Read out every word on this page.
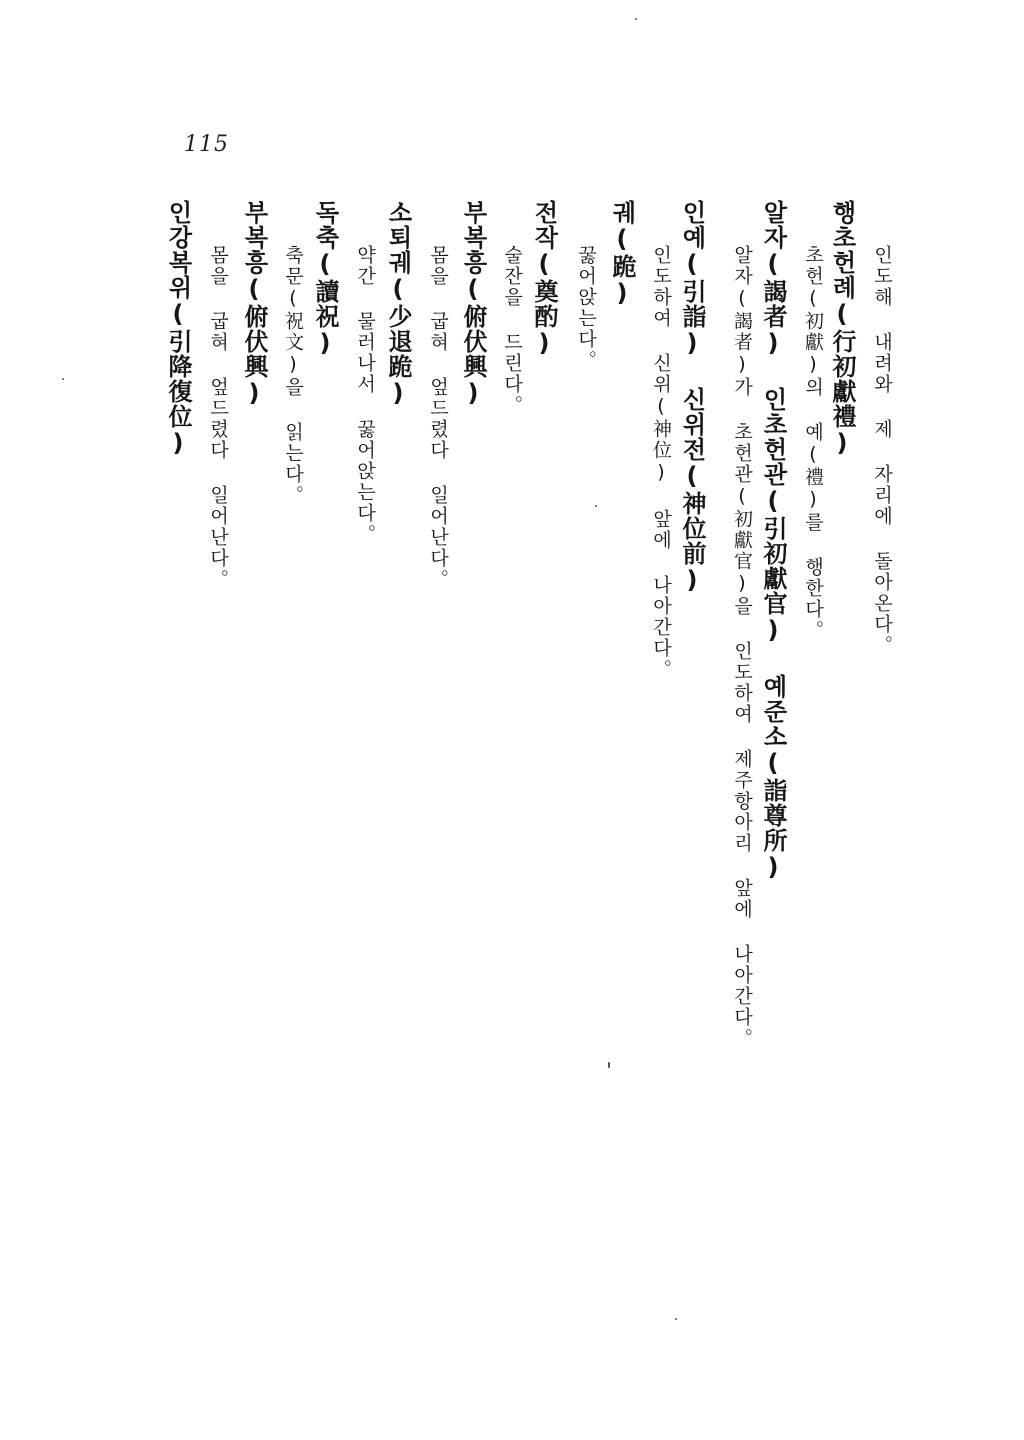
115
인도해 내려와 제 자리에 돌아온다。
행초헌례(行初獻禮)
초헌(初獻)의 예(禮)를 행한다。
알자(謁者) 인초헌관(引初獻官) 예준소(詣尊所)
알자(謁者)가 초헌관(初獻官)을 인도하여 제주항아리 앞에 나아간다。
인예(引詣) 신위전(神位前)
인도하여 신위(神位) 앞에 나아간다。
궤(跪)
꿇어앉는다。
전작(奠酌)
술잔을 드린다。
부복흥(俯伏興)
몸을 굽혀 엎드렸다 일어난다。
소퇴궤(少退跪)
약간 물러나서 꿇어앉는다。
독축(讀祝)
축문(祝文)을 읽는다。
부복흥(俯伏興)
몸을 굽혀 엎드렸다 일어난다。
인강복위(引降復位)
